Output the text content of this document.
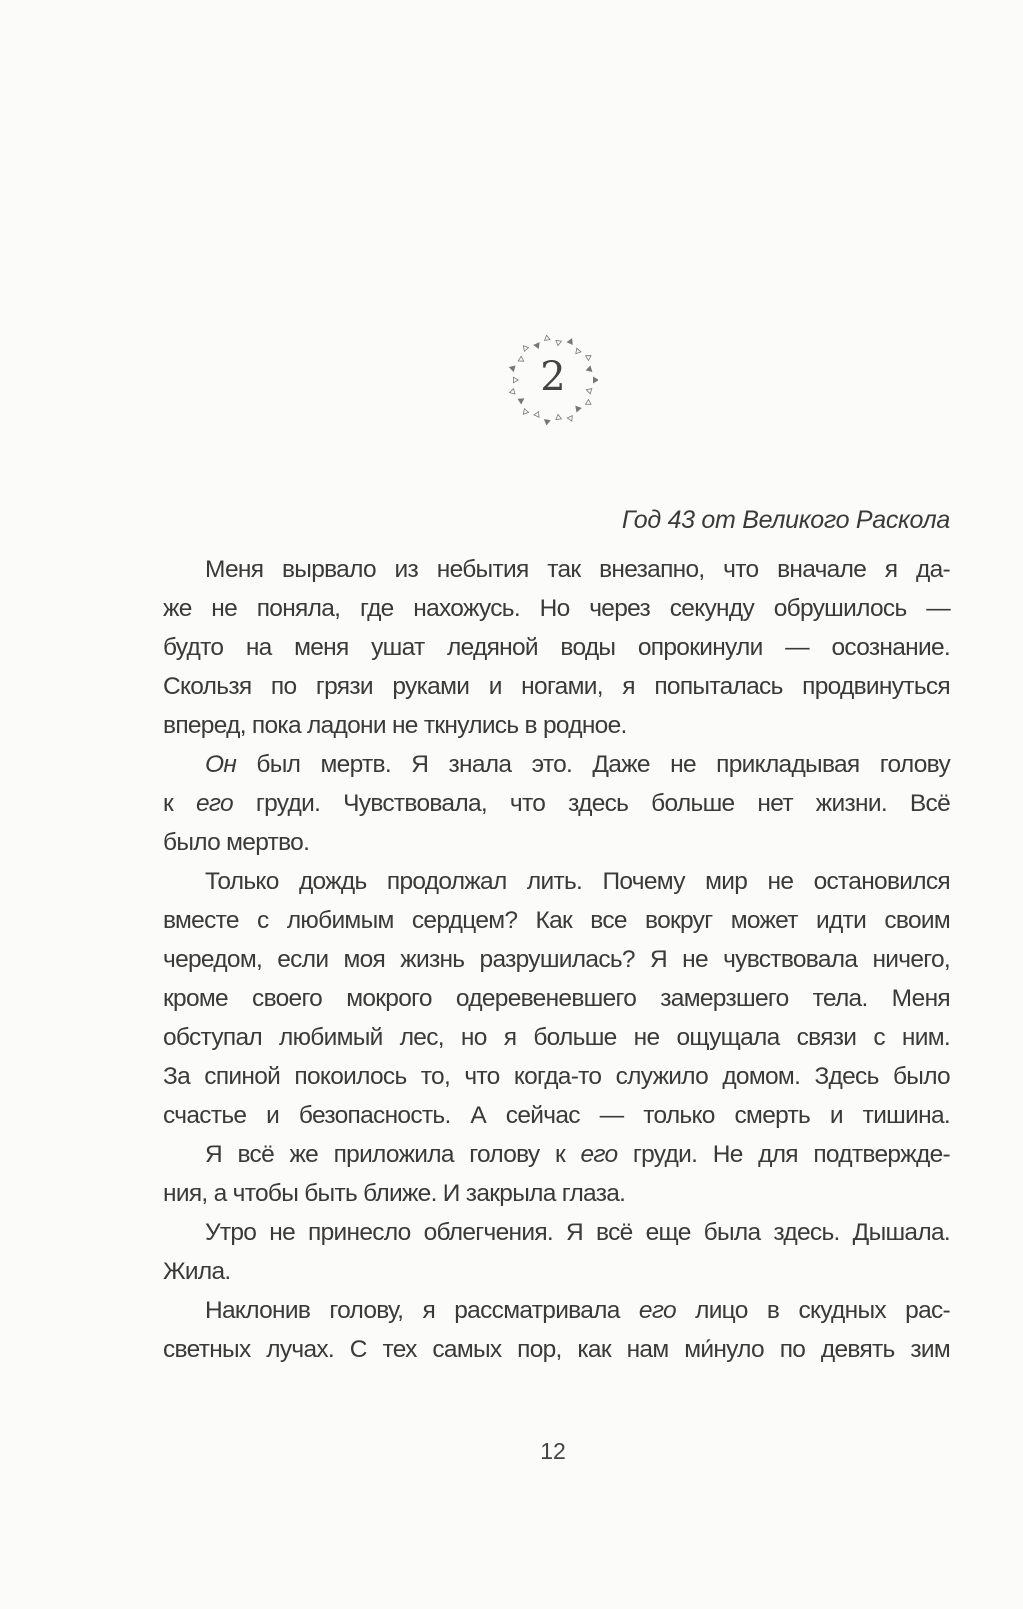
2
Год 43 от Великого Раскола
Меня вырвало из небытия так внезапно, что вначале я да-
же не поняла, где нахожусь. Но через секунду обрушилось —
будто на меня ушат ледяной воды опрокинули — осознание.
Скользя по грязи руками и ногами, я попыталась продвинуться
вперед, пока ладони не ткнулись в родное.
Он был мертв. Я знала это. Даже не прикладывая голову
к его груди. Чувствовала, что здесь больше нет жизни. Всё
было мертво.
Только дождь продолжал лить. Почему мир не остановился
вместе с любимым сердцем? Как все вокруг может идти своим
чередом, если моя жизнь разрушилась? Я не чувствовала ничего,
кроме своего мокрого одеревеневшего замерзшего тела. Меня
обступал любимый лес, но я больше не ощущала связи с ним.
За спиной покоилось то, что когда-то служило домом. Здесь было
счастье и безопасность. А сейчас — только смерть и тишина.
Я всё же приложила голову к его груди. Не для подтвержде-
ния, а чтобы быть ближе. И закрыла глаза.
Утро не принесло облегчения. Я всё еще была здесь. Дышала.
Жила.
Наклонив голову, я рассматривала его лицо в скудных рас-
светных лучах. С тех самых пор, как нам ми́нуло по девять зим
12
